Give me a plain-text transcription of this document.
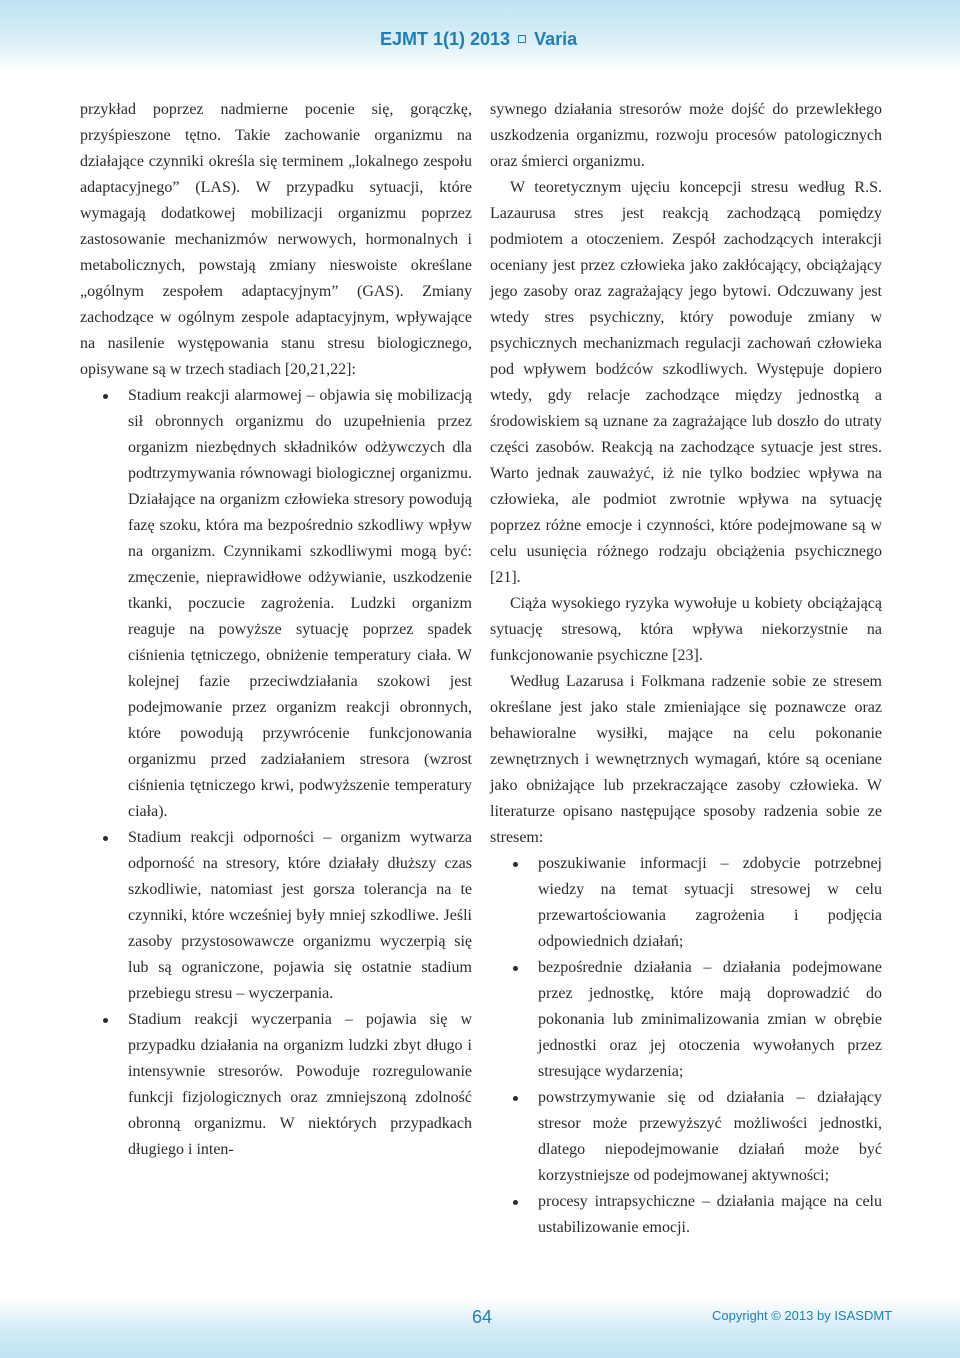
EJMT 1(1) 2013 Varia

przykład poprzez nadmierne pocenie się, gorączkę, przyśpieszone tętno. Takie zachowanie organizmu na działające czynniki określa się terminem „lokalnego zespołu adaptacyjnego” (LAS). W przypadku sytuacji, które wymagają dodatkowej mobilizacji organizmu poprzez zastosowanie mechanizmów nerwowych, hormonalnych i metabolicznych, powstają zmiany nieswoiste określane „ogólnym zespołem adaptacyjnym” (GAS). Zmiany zachodzące w ogólnym zespole adaptacyjnym, wpływające na nasilenie występowania stanu stresu biologicznego, opisywane są w trzech stadiach [20,21,22]:

Stadium reakcji alarmowej – objawia się mobilizacją sił obronnych organizmu do uzupełnienia przez organizm niezbędnych składników odżywczych dla podtrzymywania równowagi biologicznej organizmu. Działające na organizm człowieka stresory powodują fazę szoku, która ma bezpośrednio szkodliwy wpływ na organizm. Czynnikami szkodliwymi mogą być: zmęczenie, nieprawidłowe odżywianie, uszkodzenie tkanki, poczucie zagrożenia. Ludzki organizm reaguje na powyższe sytuację poprzez spadek ciśnienia tętniczego, obniżenie temperatury ciała. W kolejnej fazie przeciwdziałania szokowi jest podejmowanie przez organizm reakcji obronnych, które powodują przywrócenie funkcjonowania organizmu przed zadziałaniem stresora (wzrost ciśnienia tętniczego krwi, podwyższenie temperatury ciała).
Stadium reakcji odporności – organizm wytwarza odporność na stresory, które działały dłuższy czas szkodliwie, natomiast jest gorsza tolerancja na te czynniki, które wcześniej były mniej szkodliwe. Jeśli zasoby przystosowawcze organizmu wyczerpią się lub są ograniczone, pojawia się ostatnie stadium przebiegu stresu – wyczerpania.
Stadium reakcji wyczerpania – pojawia się w przypadku działania na organizm ludzki zbyt długo i intensywnie stresorów. Powoduje rozregulowanie funkcji fizjologicznych oraz zmniejszoną zdolność obronną organizmu. W niektórych przypadkach długiego i inten-

sywnego działania stresorów może dojść do przewlekłego uszkodzenia organizmu, rozwoju procesów patologicznych oraz śmierci organizmu.

W teoretycznym ujęciu koncepcji stresu według R.S. Lazaurusa stres jest reakcją zachodzącą pomiędzy podmiotem a otoczeniem. Zespół zachodzących interakcji oceniany jest przez człowieka jako zakłócający, obciążający jego zasoby oraz zagrażający jego bytowi. Odczuwany jest wtedy stres psychiczny, który powoduje zmiany w psychicznych mechanizmach regulacji zachowań człowieka pod wpływem bodźców szkodliwych. Występuje dopiero wtedy, gdy relacje zachodzące między jednostką a środowiskiem są uznane za zagrażające lub doszło do utraty części zasobów. Reakcją na zachodzące sytuacje jest stres. Warto jednak zauważyć, iż nie tylko bodziec wpływa na człowieka, ale podmiot zwrotnie wpływa na sytuację poprzez różne emocje i czynności, które podejmowane są w celu usunięcia różnego rodzaju obciążenia psychicznego [21].

Ciąża wysokiego ryzyka wywołuje u kobiety obciążającą sytuację stresową, która wpływa niekorzystnie na funkcjonowanie psychiczne [23].

Według Lazarusa i Folkmana radzenie sobie ze stresem określane jest jako stale zmieniające się poznawcze oraz behawioralne wysiłki, mające na celu pokonanie zewnętrznych i wewnętrznych wymagań, które są oceniane jako obniżające lub przekraczające zasoby człowieka. W literaturze opisano następujące sposoby radzenia sobie ze stresem:

poszukiwanie informacji – zdobycie potrzebnej wiedzy na temat sytuacji stresowej w celu przewartościowania zagrożenia i podjęcia odpowiednich działań;
bezpośrednie działania – działania podejmowane przez jednostkę, które mają doprowadzić do pokonania lub zminimalizowania zmian w obrębie jednostki oraz jej otoczenia wywołanych przez stresujące wydarzenia;
powstrzymywanie się od działania – działający stresor może przewyższyć możliwości jednostki, dlatego niepodejmowanie działań może być korzystniejsze od podejmowanej aktywności;
procesy intrapsychiczne – działania mające na celu ustabilizowanie emocji.
64	Copyright © 2013 by ISASDMT
